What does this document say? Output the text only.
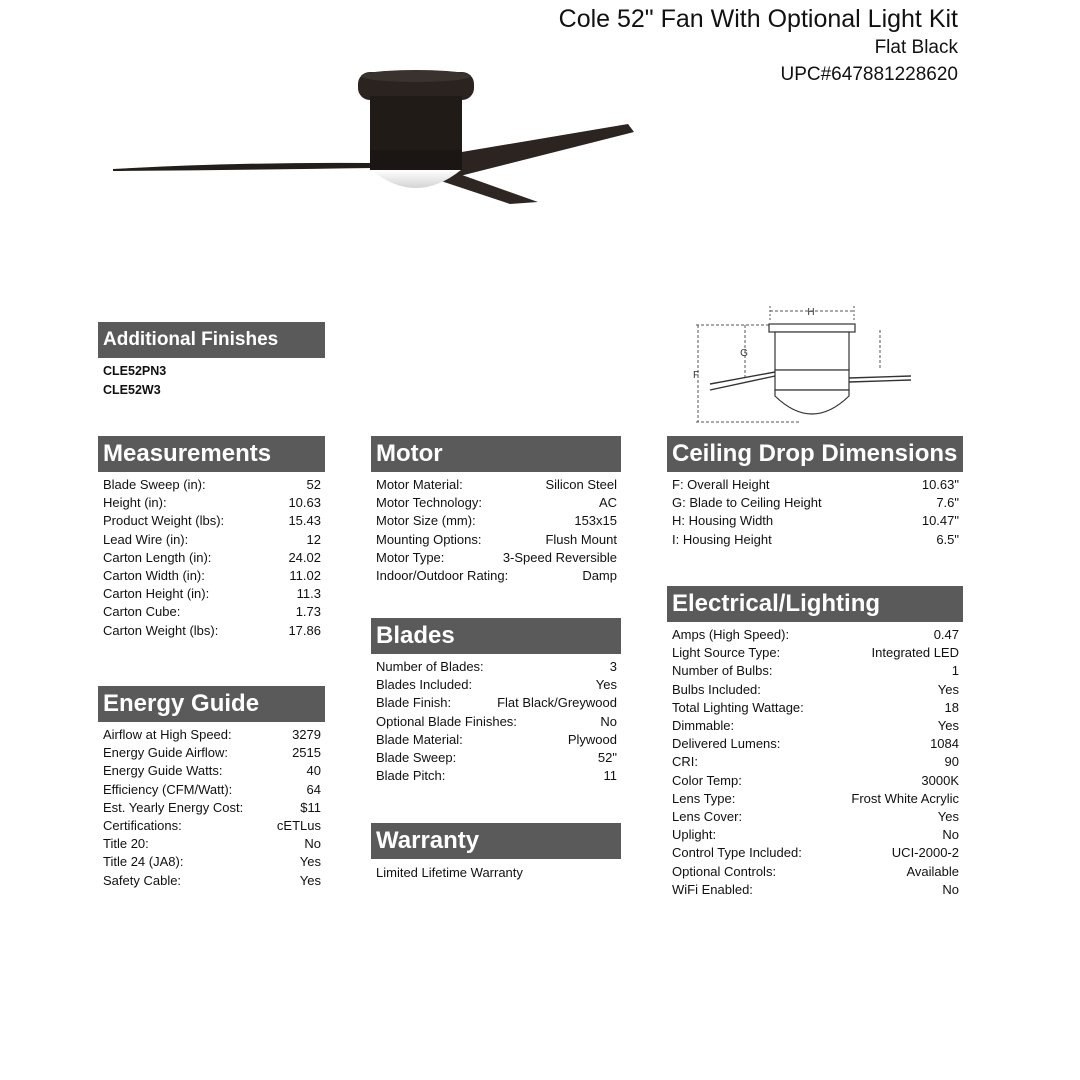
Cole 52" Fan With Optional Light Kit
Flat Black
UPC#647881228620
H
G
F
Additional Finishes
CLE52PN3
CLE52W3
Measurements
Blade Sweep (in):	52
Height (in):	10.63
Product Weight (lbs):	15.43
Lead Wire (in):	12
Carton Length (in):	24.02
Carton Width (in):	11.02
Carton Height (in):	11.3
Carton Cube:	1.73
Carton Weight (lbs):	17.86
Energy Guide
Airflow at High Speed:	3279
Energy Guide Airflow:	2515
Energy Guide Watts:	40
Efficiency (CFM/Watt):	64
Est. Yearly Energy Cost:	$11
Certifications:	cETLus
Title 20:	No
Title 24 (JA8):	Yes
Safety Cable:	Yes
Motor
Motor Material:	Silicon Steel
Motor Technology:	AC
Motor Size (mm):	153x15
Mounting Options:	Flush Mount
Motor Type:	3-Speed Reversible
Indoor/Outdoor Rating:	Damp
Blades
Number of Blades:	3
Blades Included:	Yes
Blade Finish:	Flat Black/Greywood
Optional Blade Finishes:	No
Blade Material:	Plywood
Blade Sweep:	52"
Blade Pitch:	11
Warranty
Limited Lifetime Warranty
Ceiling Drop Dimensions
F: Overall Height	10.63"
G: Blade to Ceiling Height	7.6"
H: Housing Width	10.47"
I: Housing Height	6.5"
Electrical/Lighting
Amps (High Speed):	0.47
Light Source Type:	Integrated LED
Number of Bulbs:	1
Bulbs Included:	Yes
Total Lighting Wattage:	18
Dimmable:	Yes
Delivered Lumens:	1084
CRI:	90
Color Temp:	3000K
Lens Type:	Frost White Acrylic
Lens Cover:	Yes
Uplight:	No
Control Type Included:	UCI-2000-2
Optional Controls:	Available
WiFi Enabled:	No
